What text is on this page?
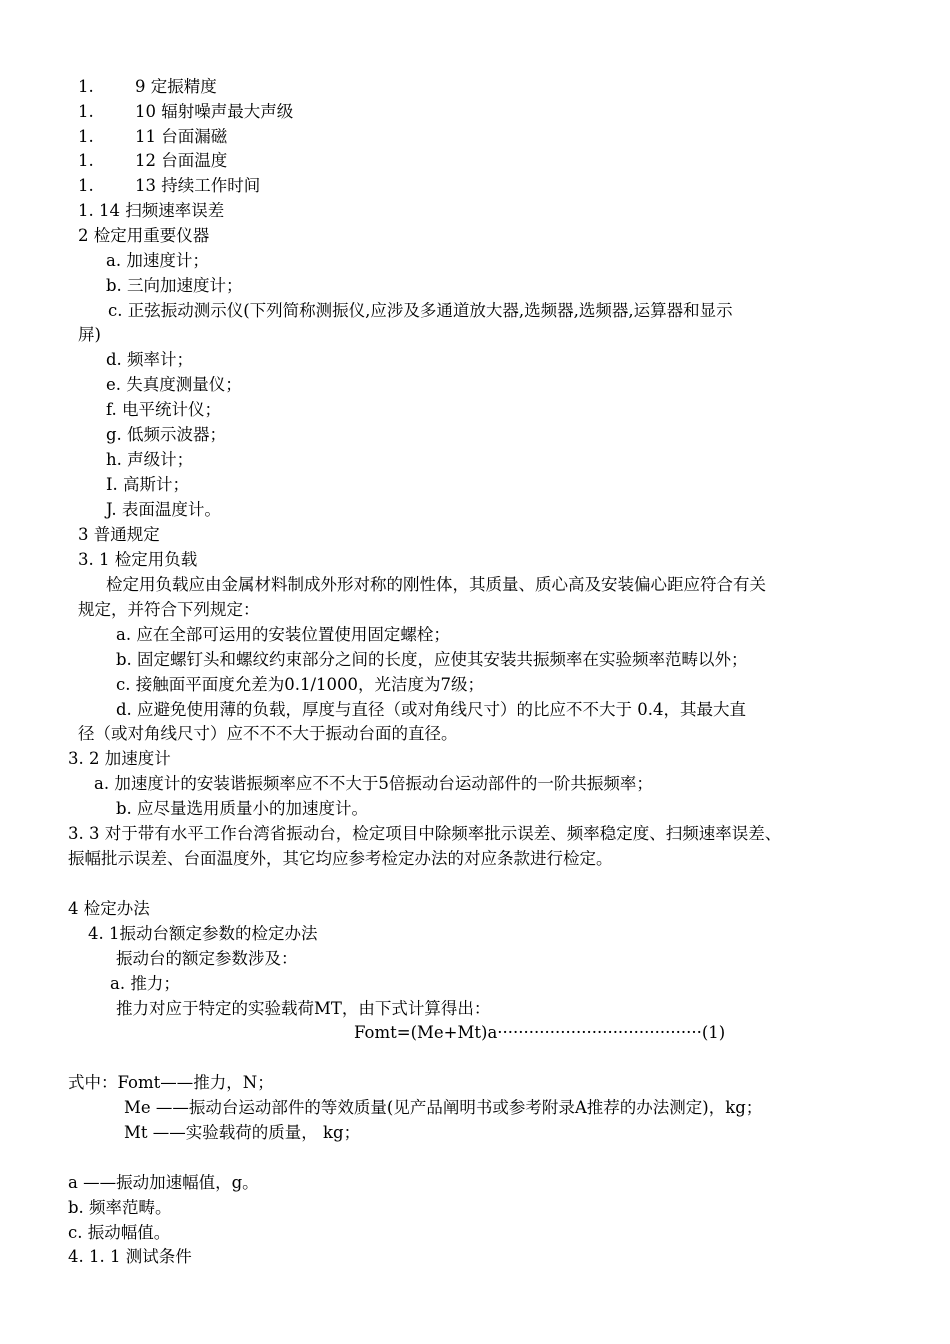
1.	9 定振精度
1.	10 辐射噪声最大声级
1.	11 台面漏磁
1.	12 台面温度
1.	13 持续工作时间
1. 14 扫频速率误差
2 检定用重要仪器
a. 加速度计；
b. 三向加速度计；
c. 正弦振动测示仪(下列简称测振仪,应涉及多通道放大器,选频器,选频器,运算器和显示
屏)
d. 频率计；
e. 失真度测量仪；
f. 电平统计仪；
g. 低频示波器；
h. 声级计；
I. 高斯计；
J. 表面温度计。
3 普通规定
3. 1 检定用负载
检定用负载应由金属材料制成外形对称的刚性体，其质量、质心高及安装偏心距应符合有关
规定，并符合下列规定：
a. 应在全部可运用的安装位置使用固定螺栓；
b. 固定螺钉头和螺纹约束部分之间的长度，应使其安装共振频率在实验频率范畴以外；
c. 接触面平面度允差为0.1/1000，光洁度为7级；
d. 应避免使用薄的负载，厚度与直径（或对角线尺寸）的比应不不大于 0.4，其最大直
径（或对角线尺寸）应不不不大于振动台面的直径。
3. 2 加速度计
a. 加速度计的安装谐振频率应不不大于5倍振动台运动部件的一阶共振频率；
b. 应尽量选用质量小的加速度计。
3. 3 对于带有水平工作台湾省振动台，检定项目中除频率批示误差、频率稳定度、扫频速率误差、
振幅批示误差、台面温度外，其它均应参考检定办法的对应条款进行检定。
4 检定办法
4. 1振动台额定参数的检定办法
振动台的额定参数涉及：
a. 推力；
推力对应于特定的实验载荷MT，由下式计算得出：
Fomt=(Me+Mt)a·······································(1)
式中：Fomt——推力，N；
Me ——振动台运动部件的等效质量(见产品阐明书或参考附录A推荐的办法测定)，kg；
Mt ——实验载荷的质量， kg；
a ——振动加速幅值，g。
b. 频率范畴。
c. 振动幅值。
4. 1. 1 测试条件
